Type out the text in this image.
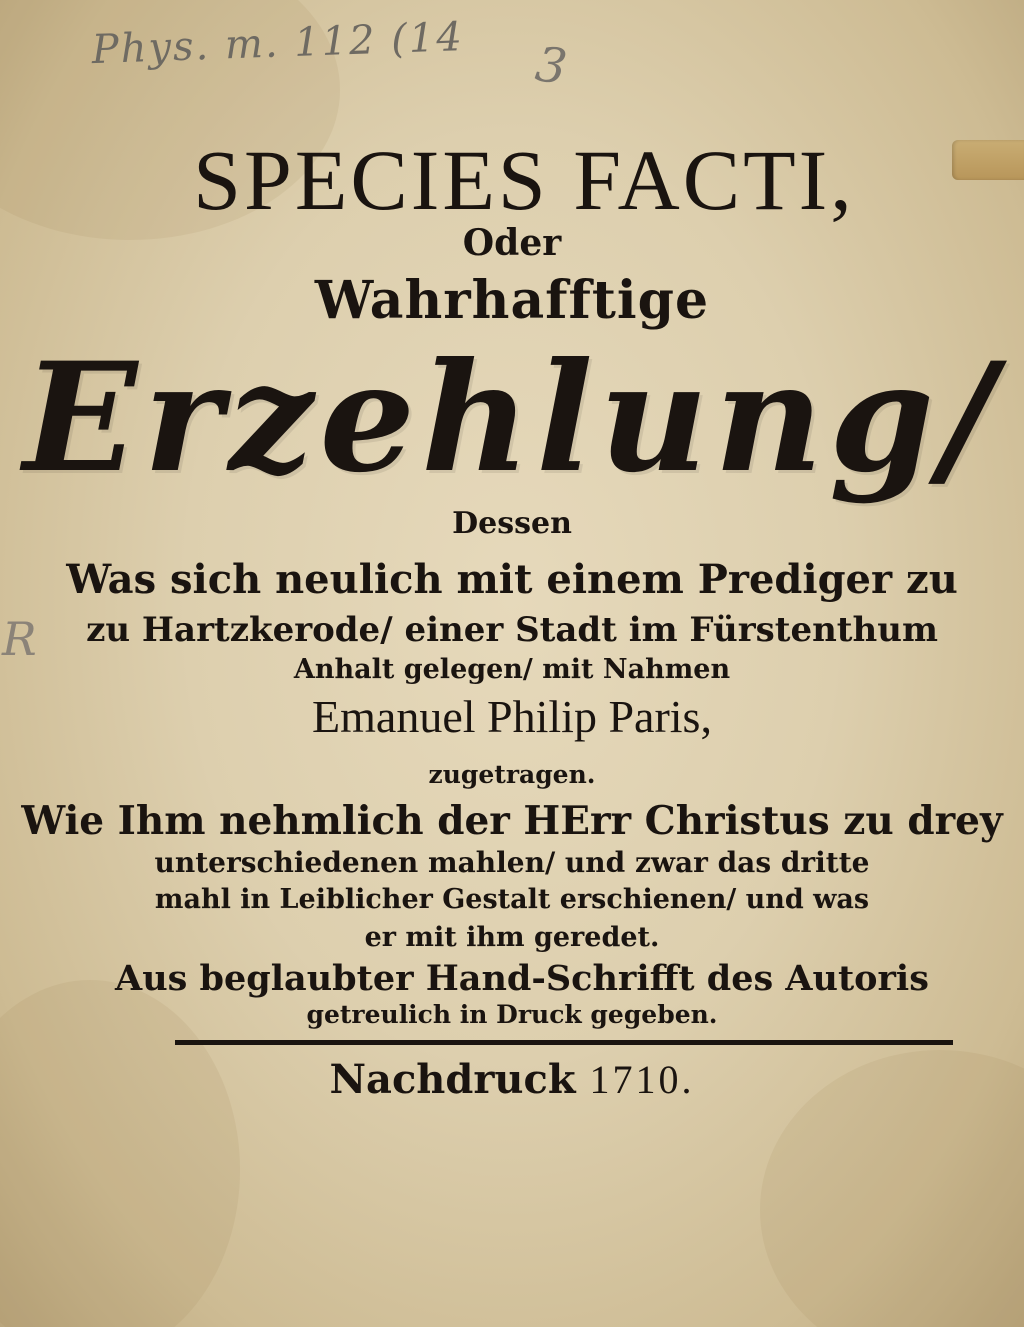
Phys. m. 112 (14	3
R
SPECIES FACTI,
Oder
Wahrhafftige
Erzehlung/
Dessen
Was sich neulich mit einem Prediger zu
zu Hartzkerode/ einer Stadt im Fürstenthum
Anhalt gelegen/ mit Nahmen
Emanuel Philip Paris,
zugetragen.
Wie Ihm nehmlich der HErr Christus zu drey
unterschiedenen mahlen/ und zwar das dritte
mahl in Leiblicher Gestalt erschienen/ und was
er mit ihm geredet.
Aus beglaubter Hand-Schrifft des Autoris
getreulich in Druck gegeben.
Nachdruck 1710.
